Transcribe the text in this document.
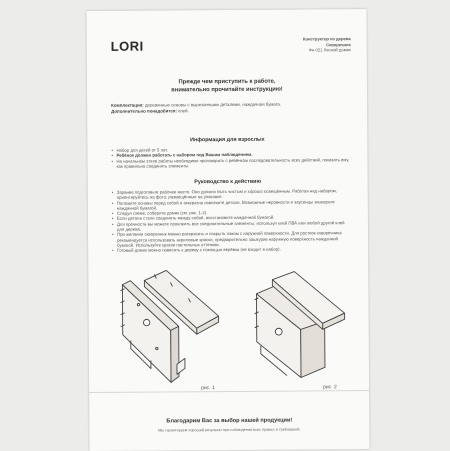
LORI	Конструктор из дерева
Скворечник
Фн-021 Лесной домик
Прежде чем приступить к работе,
внимательно прочитайте инструкцию!
Комплектация: деревянные основы с вырезанными деталями, наждачная бумага.
Дополнительно понадобится: клей.
Информация для взрослых
• Набор для детей от 5 лет.
• Ребёнок должен работать с набором под Вашим наблюдением.
• На начальном этапе работы необходимо проговорить с ребёнком последовательность всех действий, показать ему, как правильно соединять элементы.
Руководство к действию
• Заранее подготовьте рабочее место. Оно должно быть чистым и хорошо освещённым. Работая над набором, ориентируйтесь на фото, размещённые на упаковке.
• Положите основы перед собой и аккуратно извлеките детали. Возможные неровности и заусенцы зашкурьте наждачной бумагой.
• Следуя схеме, соберите домик (см. рис. 1-2).
• Если детали стали соединять между собой, восстановите наждачной бумагой.
• Для прочности вы можете проклеить все соединительные элементы, используя клей ПВА или любой другой клей для дерева.
• При желании скворечник можно раскрасить и покрыть лаком с наружной поверхности. Для ростков скворечника рекомендуется использовать акриловые краски, предварительно зашкурив наружную поверхность наждачной бумагой. Используйте краски пастельных оттенков.
• Готовый домик можно повесить к дереву с помощью верёвки (не входит в набор).
рис. 1	рис. 2
Благодарим Вас за выбор нашей продукции!
Мы гарантируем хороший результат при соблюдении всех правил и требований.
